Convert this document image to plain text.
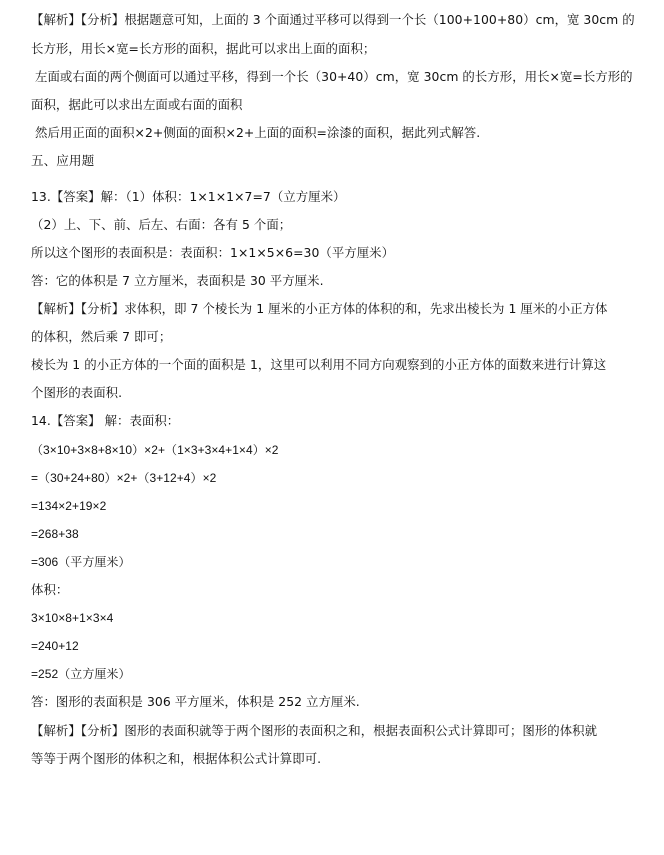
【解析】【分析】根据题意可知，上面的 3 个面通过平移可以得到一个长（100+100+80）cm，宽 30cm 的
长方形，用长×宽=长方形的面积，据此可以求出上面的面积；
左面或右面的两个侧面可以通过平移，得到一个长（30+40）cm，宽 30cm 的长方形，用长×宽=长方形的
面积，据此可以求出左面或右面的面积
然后用正面的面积×2+侧面的面积×2+上面的面积=涂漆的面积，据此列式解答.
五、应用题
13.【答案】解：（1）体积：1×1×1×7=7（立方厘米）
（2）上、下、前、后左、右面：各有 5 个面；
所以这个图形的表面积是：表面积：1×1×5×6=30（平方厘米）
答：它的体积是 7 立方厘米，表面积是 30 平方厘米.
【解析】【分析】求体积，即 7 个棱长为 1 厘米的小正方体的体积的和，先求出棱长为 1 厘米的小正方体
的体积，然后乘 7 即可；
棱长为 1 的小正方体的一个面的面积是 1，这里可以利用不同方向观察到的小正方体的面数来进行计算这
个图形的表面积.
14.【答案】 解：表面积：
（3×10+3×8+8×10）×2+（1×3+3×4+1×4）×2
=（30+24+80）×2+（3+12+4）×2
=134×2+19×2
=268+38
=306（平方厘米）
体积：
3×10×8+1×3×4
=240+12
=252（立方厘米）
答：图形的表面积是 306 平方厘米，体积是 252 立方厘米.
【解析】【分析】图形的表面积就等于两个图形的表面积之和，根据表面积公式计算即可；图形的体积就
等等于两个图形的体积之和，根据体积公式计算即可.
